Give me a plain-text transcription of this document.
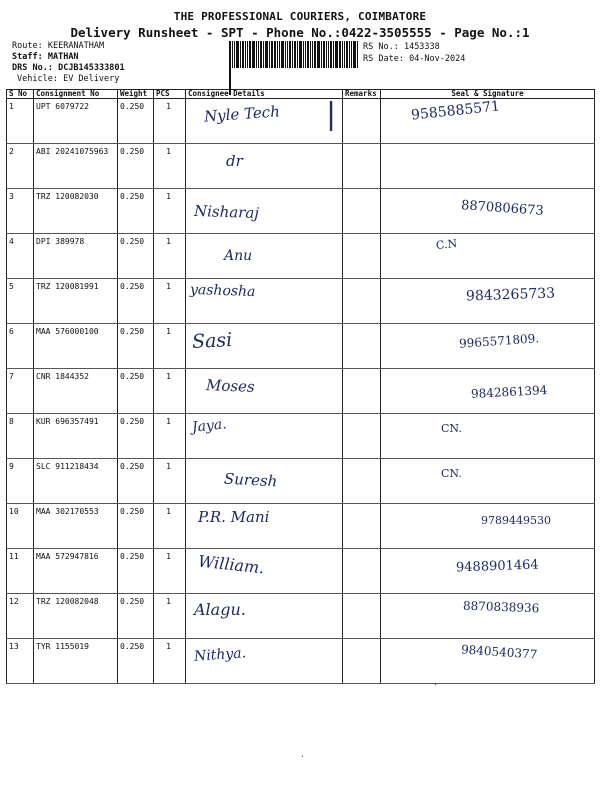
THE PROFESSIONAL COURIERS, COIMBATORE
Delivery Runsheet - SPT - Phone No.:0422-3505555 - Page No.:1
Route: KEERANATHAM
Staff: MATHAN
DRS No.: DCJB145333801
Vehicle: EV Delivery
RS No.: 1453338
RS Date: 04-Nov-2024
S No	Consignment No	Weight	PCS	Consignee Details	Remarks	Seal & Signature
1	UPT 6079722	0.250	1	Nyle Tech |		9585885571

2	ABI 20241075963	0.250	1	dr		

3	TRZ 120082030	0.250	1	Nisharaj		8870806673

4	DPI 389978	0.250	1	Anu		C.N

5	TRZ 120081991	0.250	1	yashosha		9843265733

6	MAA 576000100	0.250	1	Sasi		9965571809.

7	CNR 1844352	0.250	1	Moses		9842861394

8	KUR 696357491	0.250	1	Jaya.		CN.

9	SLC 911218434	0.250	1	Suresh		CN.

10	MAA 302170553	0.250	1	P.R. Mani		9789449530

11	MAA 572947816	0.250	1	William.		9488901464

12	TRZ 120082048	0.250	1	Alagu.		8870838936

13	TYR 1155019	0.250	1	Nithya.		9840540377
·
·
